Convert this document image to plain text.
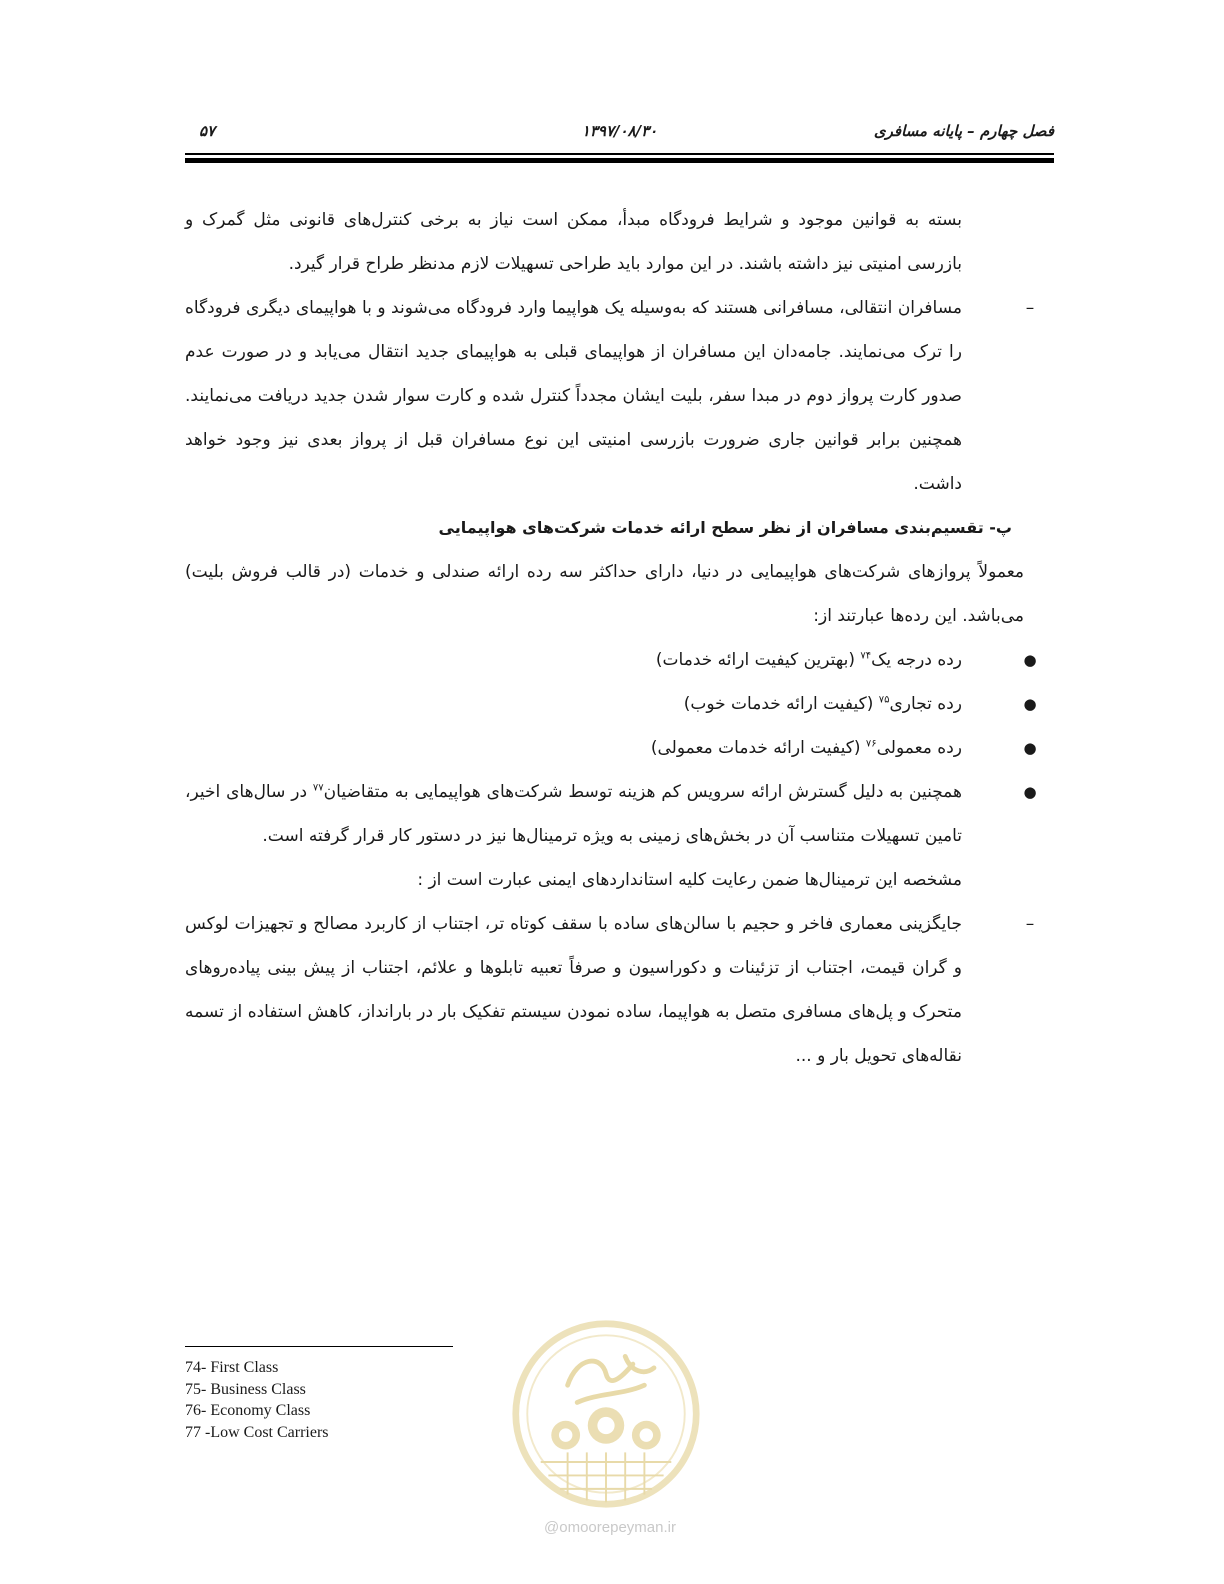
فصل چهارم – پایانه مسافری
۱۳۹۷/۰۸/۳۰
۵۷

بسته به قوانین موجود و شرایط فرودگاه مبدأ، ممکن است نیاز به برخی کنترل‌های قانونی مثل گمرک و بازرسی امنیتی نیز داشته باشند. در این موارد باید طراحی تسهیلات لازم مدنظر طراح قرار گیرد.

–
مسافران انتقالی، مسافرانی هستند که به‌وسیله یک هواپیما وارد فرودگاه می‌شوند و با هواپیمای دیگری فرودگاه را ترک می‌نمایند. جامه‌دان این مسافران از هواپیمای قبلی به هواپیمای جدید انتقال می‌یابد و در صورت عدم صدور کارت پرواز دوم در مبدا سفر، بلیت ایشان مجدداً کنترل شده و کارت سوار شدن جدید دریافت می‌نمایند. همچنین برابر قوانین جاری ضرورت بازرسی امنیتی این نوع مسافران قبل از پرواز بعدی نیز وجود خواهد داشت.

پ- تقسیم‌بندی مسافران از نظر سطح ارائه خدمات شرکت‌های هواپیمایی

معمولاً پروازهای شرکت‌های هواپیمایی در دنیا، دارای حداکثر سه رده ارائه صندلی و خدمات (در قالب فروش بلیت) می‌باشد. این رده‌ها عبارتند از:

●
رده درجه یک$^{۷۴}$ (بهترین کیفیت ارائه خدمات)

●
رده تجاری$^{۷۵}$ (کیفیت ارائه خدمات خوب)

●
رده معمولی$^{۷۶}$ (کیفیت ارائه خدمات معمولی)

●
همچنین به دلیل گسترش ارائه سرویس کم هزینه توسط شرکت‌های هواپیمایی به متقاضیان$^{۷۷}$ در سال‌های اخیر، تامین تسهیلات متناسب آن در بخش‌های زمینی به ویژه ترمینال‌ها نیز در دستور کار قرار گرفته است.

مشخصه این ترمینال‌ها ضمن رعایت کلیه استانداردهای ایمنی عبارت است از :

–
جایگزینی معماری فاخر و حجیم با سالن‌های ساده با سقف کوتاه تر، اجتناب از کاربرد مصالح و تجهیزات لوکس و گران قیمت، اجتناب از تزئینات و دکوراسیون و صرفاً تعبیه تابلوها و علائم، اجتناب از پیش بینی پیاده‌روهای متحرک و پل‌های مسافری متصل به هواپیما، ساده نمودن سیستم تفکیک بار در بارانداز، کاهش استفاده از تسمه نقاله‌های تحویل بار و ...

74- First Class
75- Business Class
76- Economy Class
77 -Low Cost Carriers
@omoorepeyman.ir
